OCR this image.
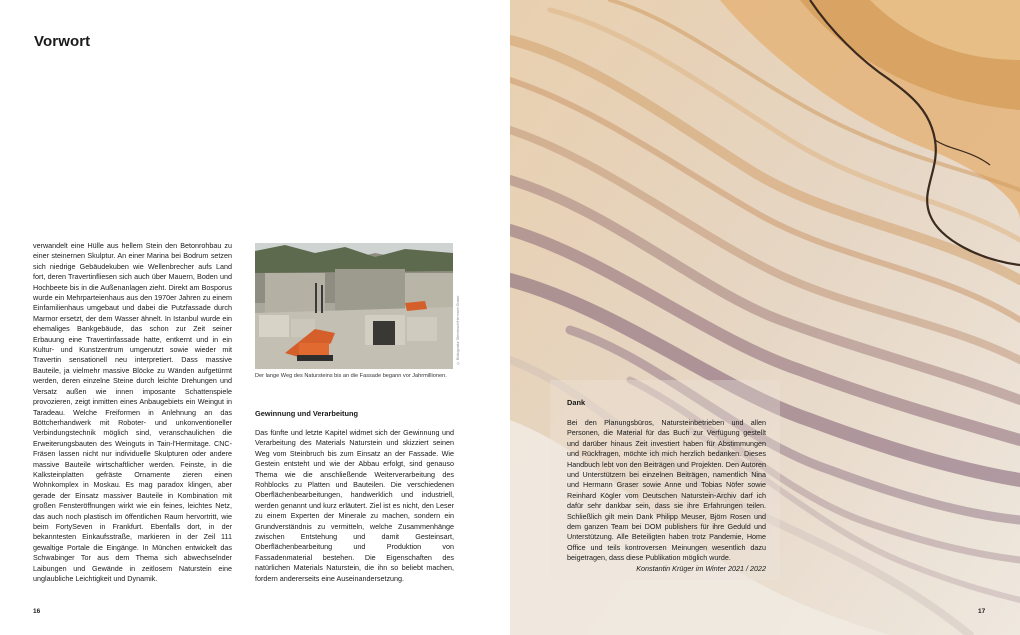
Vorwort

verwandelt eine Hülle aus hellem Stein den Betonrohbau zu einer steinernen Skulptur. An einer Marina bei Bodrum setzen sich niedrige Gebäudekuben wie Wellenbrecher aufs Land fort, deren Travertinfliesen sich auch über Mauern, Boden und Hochbeete bis in die Außenanlagen zieht. Direkt am Bosporus wurde ein Mehrparteienhaus aus den 1970er Jahren zu einem Einfamilienhaus umgebaut und dabei die Putzfassade durch Marmor ersetzt, der dem Wasser ähnelt. In Istanbul wurde ein ehemaliges Bankgebäude, das schon zur Zeit seiner Erbauung eine Travertinfassade hatte, entkernt und in ein Kultur- und Kunstzentrum umgenutzt sowie wieder mit Travertin sensationell neu interpretiert. Dass massive Bauteile, ja vielmehr massive Blöcke zu Wänden aufgetürmt werden, deren einzelne Steine durch leichte Drehungen und Versatz außen wie innen imposante Schattenspiele provozieren, zeigt inmitten eines Anbaugebiets ein Weingut in Taradeau. Welche Freiformen in Anlehnung an das Böttcherhandwerk mit Roboter- und unkonventioneller Verbindungstechnik möglich sind, veranschaulichen die Erweiterungsbauten des Weinguts in Tain-l'Hermitage. CNC-Fräsen lassen nicht nur individuelle Skulpturen oder andere massive Bauteile wirtschaftlicher werden. Feinste, in die Kalksteinplatten gefräste Ornamente zieren einen Wohnkomplex in Moskau. Es mag paradox klingen, aber gerade der Einsatz massiver Bauteile in Kombination mit großen Fensteröffnungen wirkt wie ein feines, leichtes Netz, das auch noch plastisch im öffentlichen Raum hervortritt, wie beim FortySeven in Frankfurt. Ebenfalls dort, in der bekanntesten Einkaufsstraße, markieren in der Zeil 111 gewaltige Portale die Eingänge. In München entwickelt das Schwabinger Tor aus dem Thema sich abwechselnder Laibungen und Gewände in zeitlosem Naturstein eine unglaubliche Leichtigkeit und Dynamik.

© Bildsignatur Steinbruch/Hermann Graser
Der lange Weg des Natursteins bis an die Fassade begann vor Jahrmillionen.
Gewinnung und Verarbeitung

Das fünfte und letzte Kapitel widmet sich der Gewinnung und Verarbeitung des Materials Naturstein und skizziert seinen Weg vom Steinbruch bis zum Einsatz an der Fassade. Wie Gestein entsteht und wie der Abbau erfolgt, sind genauso Thema wie die anschließende Weiterverarbeitung des Rohblocks zu Platten und Bauteilen. Die verschiedenen Oberflächenbearbeitungen, handwerklich und industriell, werden genannt und kurz erläutert. Ziel ist es nicht, den Leser zu einem Experten der Minerale zu machen, sondern ein Grundverständnis zu vermitteln, welche Zusammenhänge zwischen Entstehung und damit Gesteinsart, Oberflächenbearbeitung und Produktion von Fassadenmaterial bestehen. Die Eigenschaften des natürlichen Materials Naturstein, die ihn so beliebt machen, fordern andererseits eine Auseinandersetzung.

16
Dank
Bei den Planungsbüros, Natursteinbetrieben und allen Personen, die Material für das Buch zur Verfügung gestellt und darüber hinaus Zeit investiert haben für Abstimmungen und Rückfragen, möchte ich mich herzlich bedanken. Dieses Handbuch lebt von den Beiträgen und Projekten. Den Autoren und Unterstützern bei einzelnen Beiträgen, namentlich Nina und Hermann Graser sowie Anne und Tobias Nöfer sowie Reinhard Kögler vom Deutschen Naturstein-Archiv darf ich dafür sehr dankbar sein, dass sie ihre Erfahrungen teilen. Schließlich gilt mein Dank Philipp Meuser, Björn Rosen und dem ganzen Team bei DOM publishers für ihre Geduld und Unterstützung. Alle Beteiligten haben trotz Pandemie, Home Office und teils kontroversen Meinungen wesentlich dazu beigetragen, dass diese Publikation möglich wurde.
Konstantin Krüger im Winter 2021 / 2022
17
